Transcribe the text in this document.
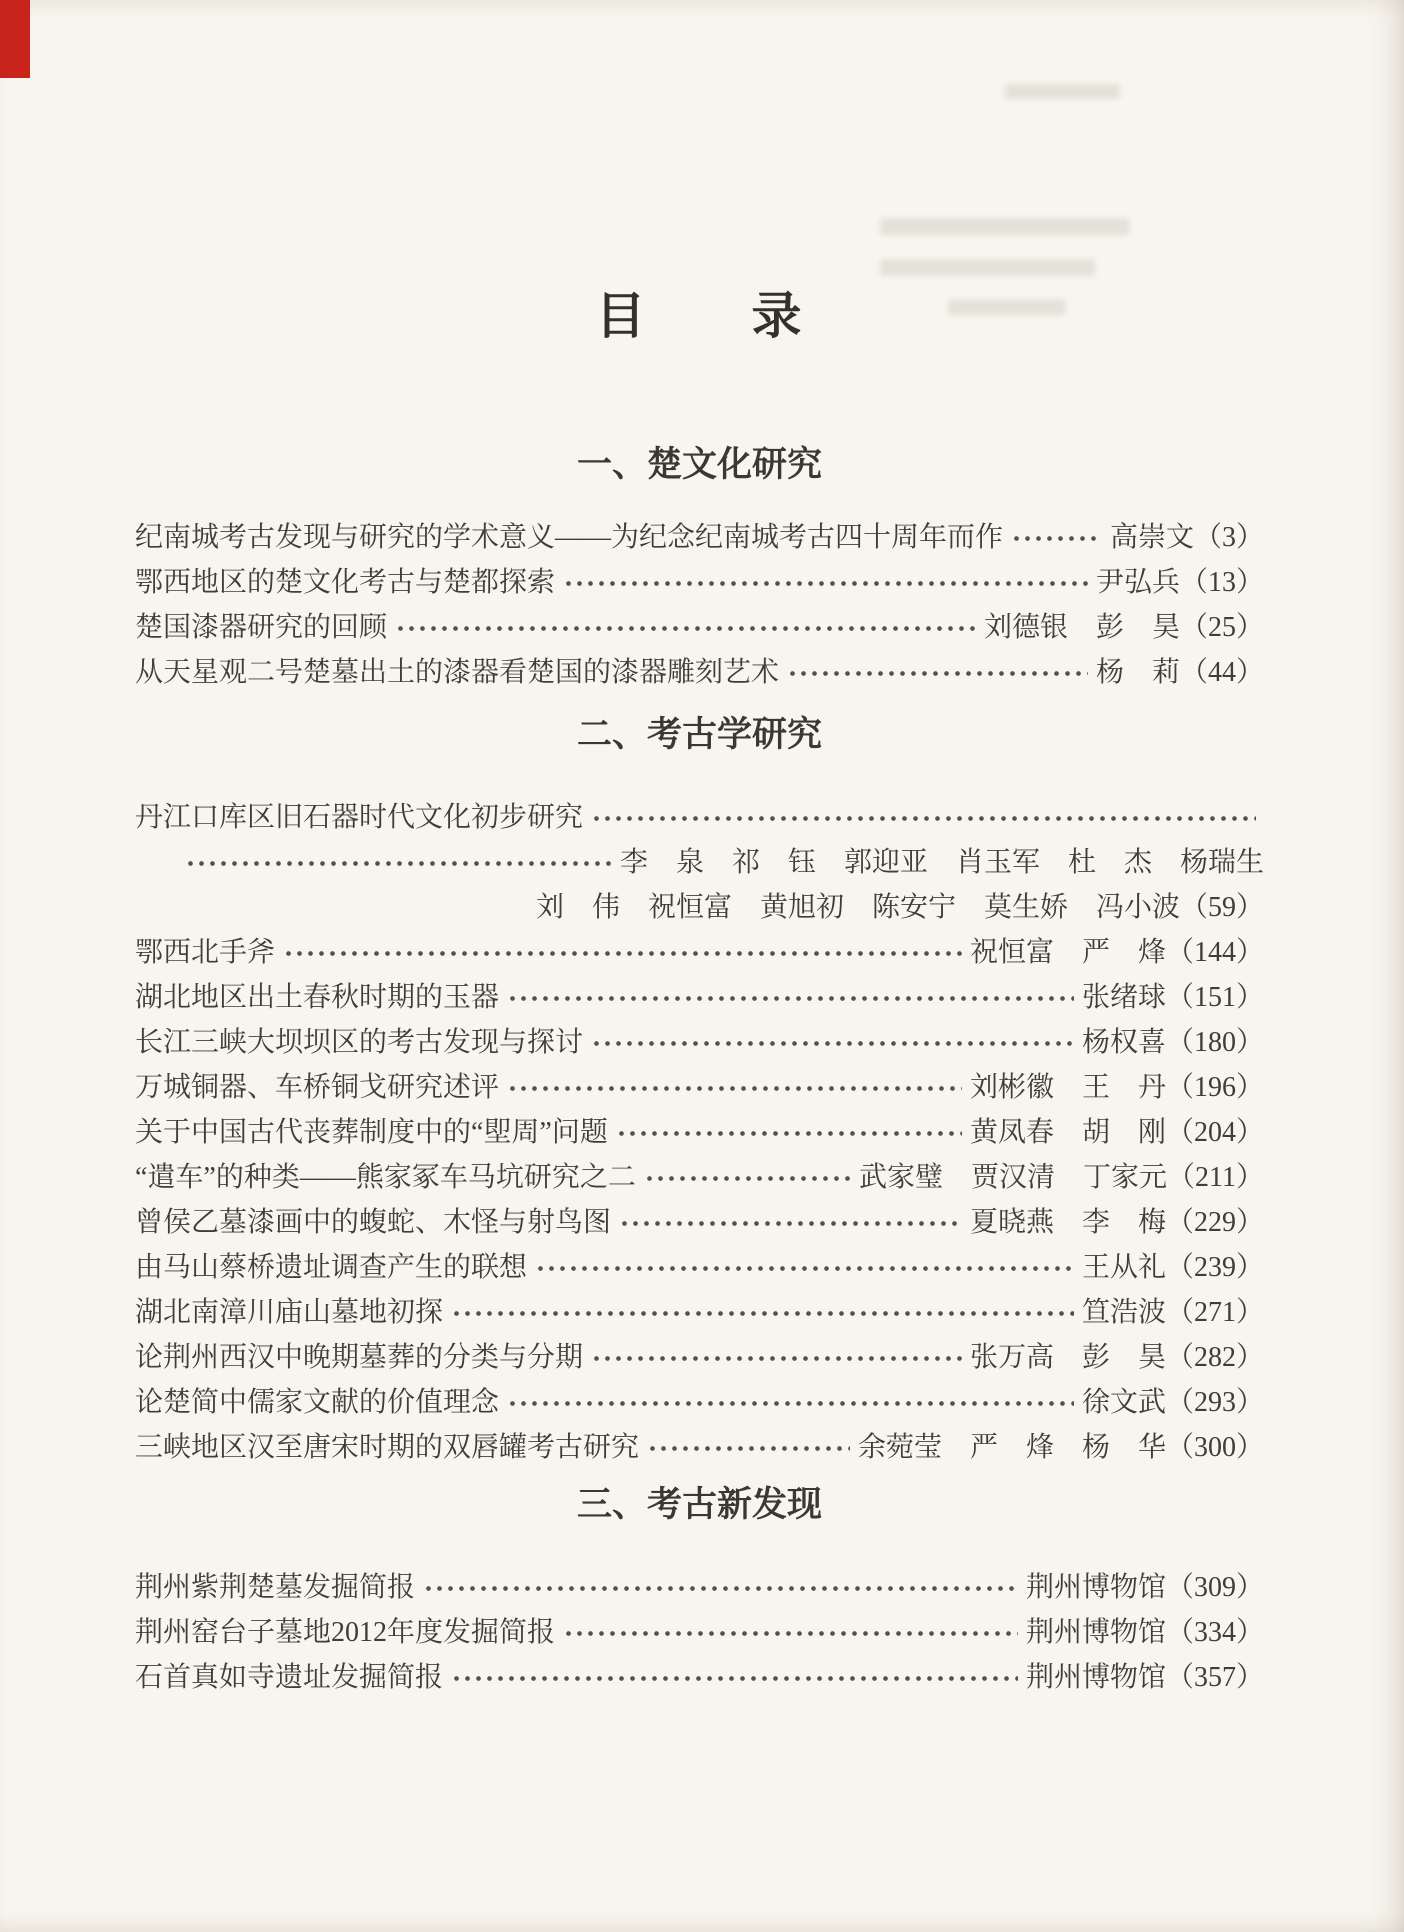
目　　录
一、楚文化研究
纪南城考古发现与研究的学术意义——为纪念纪南城考古四十周年而作	高崇文（3）
鄂西地区的楚文化考古与楚都探索	尹弘兵（13）
楚国漆器研究的回顾	刘德银　彭　昊（25）
从天星观二号楚墓出土的漆器看楚国的漆器雕刻艺术	杨　莉（44）
二、考古学研究
丹江口库区旧石器时代文化初步研究
李　泉　祁　钰　郭迎亚　肖玉军　杜　杰　杨瑞生
刘　伟　祝恒富　黄旭初　陈安宁　莫生娇　冯小波（59）
鄂西北手斧	祝恒富　严　烽（144）
湖北地区出土春秋时期的玉器	张绪球（151）
长江三峡大坝坝区的考古发现与探讨	杨权喜（180）
万城铜器、车桥铜戈研究述评	刘彬徽　王　丹（196）
关于中国古代丧葬制度中的“堲周”问题	黄凤春　胡　刚（204）
“遣车”的种类——熊家冢车马坑研究之二	武家璧　贾汉清　丁家元（211）
曾侯乙墓漆画中的蝮蛇、木怪与射鸟图	夏晓燕　李　梅（229）
由马山蔡桥遗址调查产生的联想	王从礼（239）
湖北南漳川庙山墓地初探	笪浩波（271）
论荆州西汉中晚期墓葬的分类与分期	张万高　彭　昊（282）
论楚简中儒家文献的价值理念	徐文武（293）
三峡地区汉至唐宋时期的双唇罐考古研究	余菀莹　严　烽　杨　华（300）
三、考古新发现
荆州紫荆楚墓发掘简报	荆州博物馆（309）
荆州窑台子墓地2012年度发掘简报	荆州博物馆（334）
石首真如寺遗址发掘简报	荆州博物馆（357）
